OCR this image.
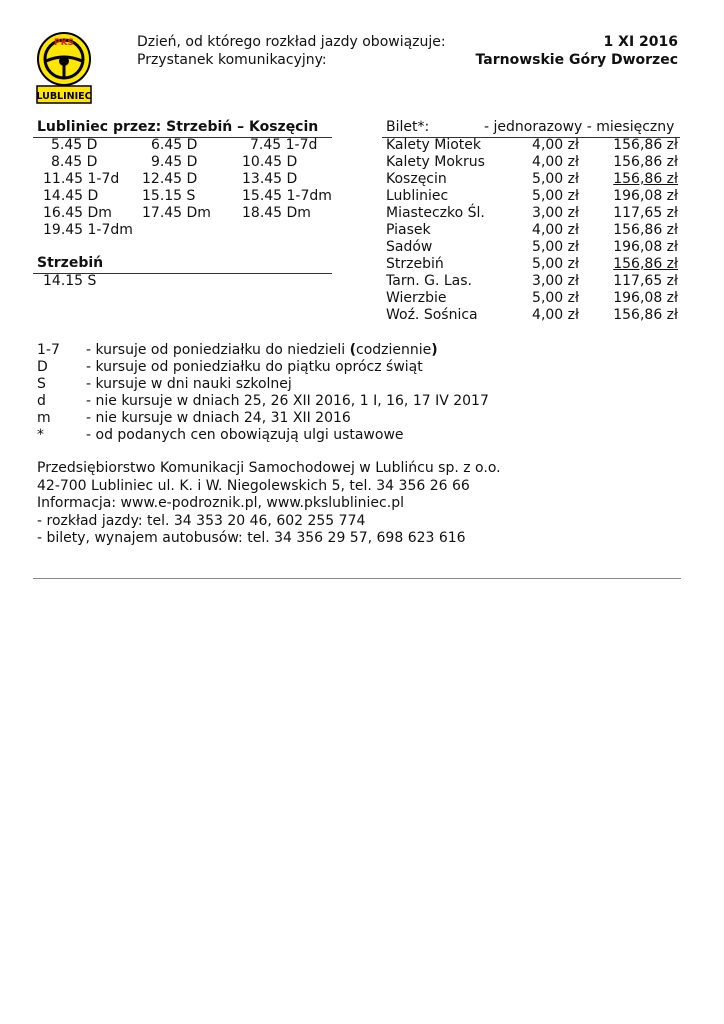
PKS
LUBLINIEC
Dzień, od którego rozkład jazdy obowiązuje:	1 XI 2016
Przystanek komunikacyjny:	Tarnowskie Góry Dworzec
Lubliniec przez: Strzebiń – Koszęcin
5.45 D	6.45 D	7.45 1-7d
8.45 D	9.45 D	10.45 D
11.45 1-7d 12.45 D	13.45 D
14.45 D	15.15 S	15.45 1-7dm
16.45 Dm 17.45 Dm 18.45 Dm
19.45 1-7dm
Strzebiń
14.15 S
Bilet*:	- jednorazowy - miesięczny
Kalety Miotek	4,00 zł 156,86 zł
Kalety Mokrus	4,00 zł 156,86 zł
Koszęcin	5,00 zł 156,86 zł
Lubliniec	5,00 zł 196,08 zł
Miasteczko Śl.	3,00 zł 117,65 zł
Piasek	4,00 zł 156,86 zł
Sadów	5,00 zł 196,08 zł
Strzebiń	5,00 zł 156,86 zł
Tarn. G. Las.	3,00 zł 117,65 zł
Wierzbie	5,00 zł 196,08 zł
Woź. Sośnica	4,00 zł 156,86 zł
1-7 - kursuje od poniedziałku do niedzieli (codziennie)
D	- kursuje od poniedziałku do piątku oprócz świąt
S	- kursuje w dni nauki szkolnej
d	- nie kursuje w dniach 25, 26 XII 2016, 1 I, 16, 17 IV 2017
m	- nie kursuje w dniach 24, 31 XII 2016
*	- od podanych cen obowiązują ulgi ustawowe
Przedsiębiorstwo Komunikacji Samochodowej w Lublińcu sp. z o.o.
42-700 Lubliniec ul. K. i W. Niegolewskich 5, tel. 34 356 26 66
Informacja: www.e-podroznik.pl, www.pkslubliniec.pl
- rozkład jazdy: tel. 34 353 20 46, 602 255 774
- bilety, wynajem autobusów: tel. 34 356 29 57, 698 623 616
